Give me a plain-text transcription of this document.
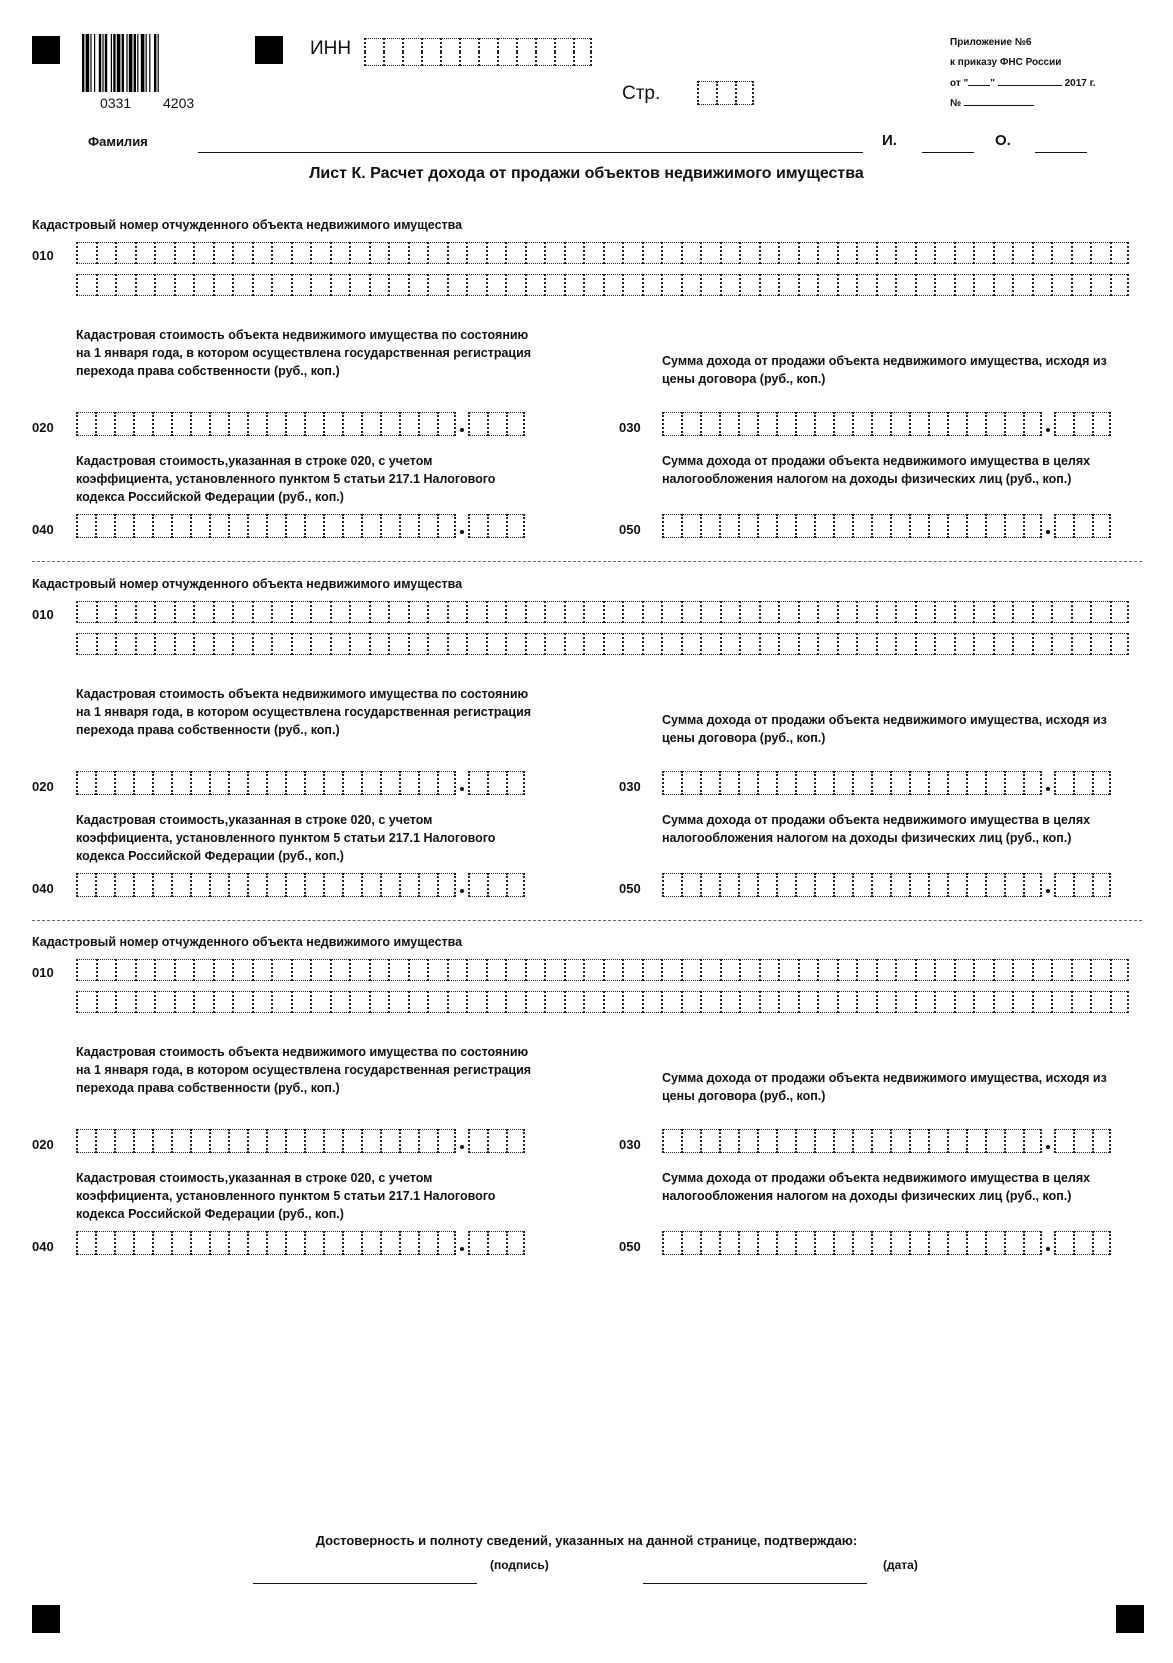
0331 4203
ИНН
Стр.
Приложение №6
к приказу ФНС России
от " "	2017 г.
№
Фамилия	И.	О.
Лист К. Расчет дохода от продажи объектов недвижимого имущества
Кадастровый номер отчужденного объекта недвижимого имущества
010
Кадастровая стоимость объекта недвижимого имущества по состоянию на 1 января года, в котором осуществлена государственная регистрация перехода права собственности (руб., коп.)
020
Сумма дохода от продажи объекта недвижимого имущества, исходя из цены договора (руб., коп.)
030
Кадастровая стоимость,указанная в строке 020, с учетом коэффициента, установленного пунктом 5 статьи 217.1 Налогового кодекса Российской Федерации (руб., коп.)
040
Сумма дохода от продажи объекта недвижимого имущества в целях налогообложения налогом на доходы физических лиц (руб., коп.)
050
Кадастровый номер отчужденного объекта недвижимого имущества
010
Кадастровая стоимость объекта недвижимого имущества по состоянию на 1 января года, в котором осуществлена государственная регистрация перехода права собственности (руб., коп.)
020
Сумма дохода от продажи объекта недвижимого имущества, исходя из цены договора (руб., коп.)
030
Кадастровая стоимость,указанная в строке 020, с учетом коэффициента, установленного пунктом 5 статьи 217.1 Налогового кодекса Российской Федерации (руб., коп.)
040
Сумма дохода от продажи объекта недвижимого имущества в целях налогообложения налогом на доходы физических лиц (руб., коп.)
050
Кадастровый номер отчужденного объекта недвижимого имущества
010
Кадастровая стоимость объекта недвижимого имущества по состоянию на 1 января года, в котором осуществлена государственная регистрация перехода права собственности (руб., коп.)
020
Сумма дохода от продажи объекта недвижимого имущества, исходя из цены договора (руб., коп.)
030
Кадастровая стоимость,указанная в строке 020, с учетом коэффициента, установленного пунктом 5 статьи 217.1 Налогового кодекса Российской Федерации (руб., коп.)
040
Сумма дохода от продажи объекта недвижимого имущества в целях налогообложения налогом на доходы физических лиц (руб., коп.)
050
Достоверность и полноту сведений, указанных на данной странице, подтверждаю:
(подпись)	(дата)
